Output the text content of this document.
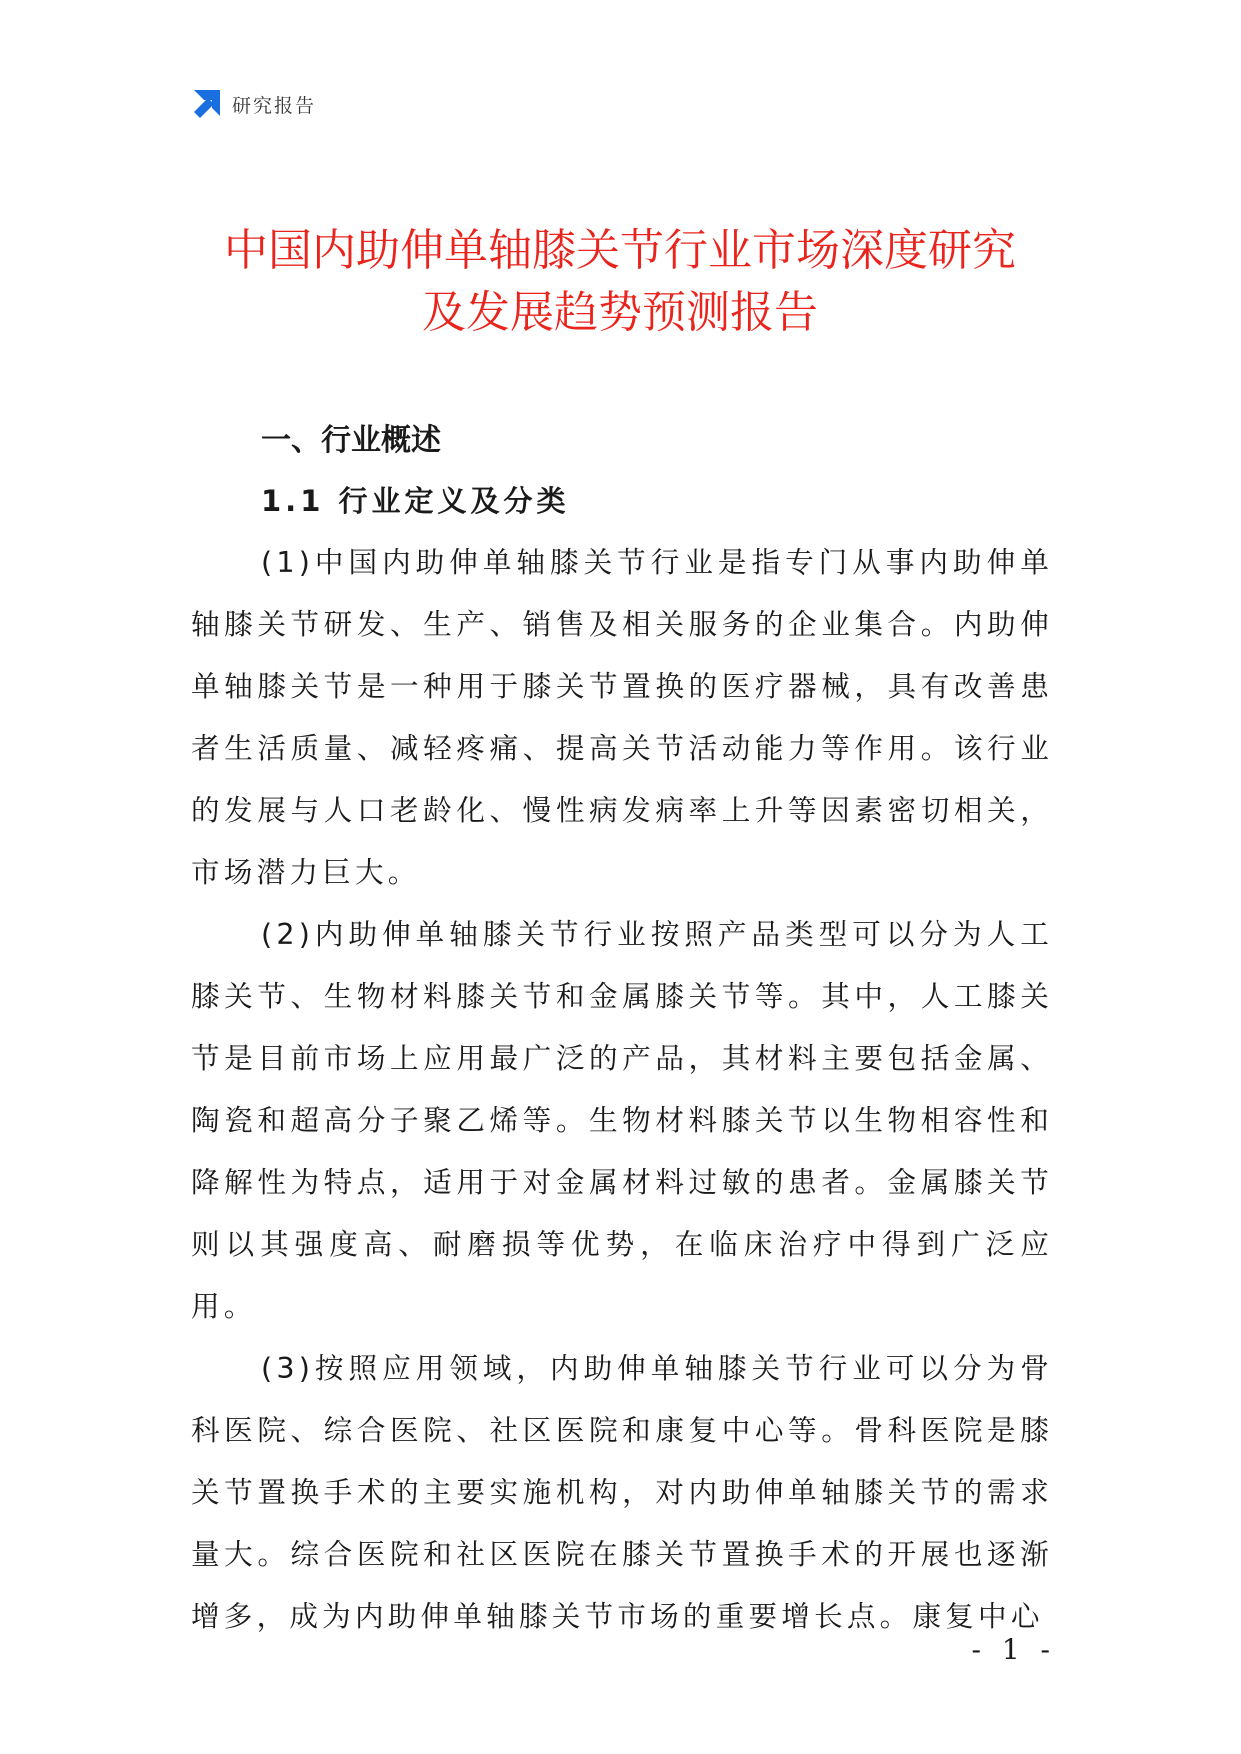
研究报告
中国内助伸单轴膝关节行业市场深度研究
及发展趋势预测报告
一、行业概述
1.1 行业定义及分类

(1)中国内助伸单轴膝关节行业是指专门从事内助伸单轴膝关节研发、生产、销售及相关服务的企业集合。内助伸单轴膝关节是一种用于膝关节置换的医疗器械，具有改善患者生活质量、减轻疼痛、提高关节活动能力等作用。该行业的发展与人口老龄化、慢性病发病率上升等因素密切相关，市场潜力巨大。

(2)内助伸单轴膝关节行业按照产品类型可以分为人工膝关节、生物材料膝关节和金属膝关节等。其中，人工膝关节是目前市场上应用最广泛的产品，其材料主要包括金属、陶瓷和超高分子聚乙烯等。生物材料膝关节以生物相容性和降解性为特点，适用于对金属材料过敏的患者。金属膝关节则以其强度高、耐磨损等优势，在临床治疗中得到广泛应用。

(3)按照应用领域，内助伸单轴膝关节行业可以分为骨科医院、综合医院、社区医院和康复中心等。骨科医院是膝关节置换手术的主要实施机构，对内助伸单轴膝关节的需求量大。综合医院和社区医院在膝关节置换手术的开展也逐渐增多，成为内助伸单轴膝关节市场的重要增长点。康复中心

- 1 -
